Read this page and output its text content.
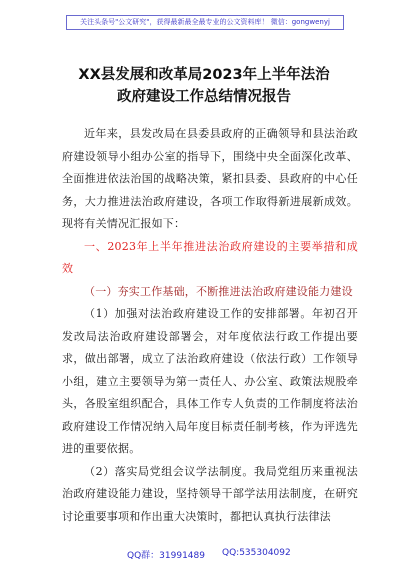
关注头条号"公文研究"，获得最新最全最专业的公文资料库！ 微信：gongwenyj
XX县发展和改革局2023年上半年法治
政府建设工作总结情况报告

近年来，县发改局在县委县政府的正确领导和县法治政府建设领导小组办公室的指导下，围绕中央全面深化改革、全面推进依法治国的战略决策，紧扣县委、县政府的中心任务，大力推进法治政府建设，各项工作取得新进展新成效。现将有关情况汇报如下：

一、2023年上半年推进法治政府建设的主要举措和成效

（一）夯实工作基础，不断推进法治政府建设能力建设

（1）加强对法治政府建设工作的安排部署。年初召开发改局法治政府建设部署会，对年度依法行政工作提出要求，做出部署，成立了法治政府建设（依法行政）工作领导小组，建立主要领导为第一责任人、办公室、政策法规股牵头，各股室组织配合，具体工作专人负责的工作制度将法治政府建设工作情况纳入局年度目标责任制考核，作为评选先进的重要依据。

（2）落实局党组会议学法制度。我局党组历来重视法治政府建设能力建设，坚持领导干部学法用法制度，在研究讨论重要事项和作出重大决策时，都把认真执行法律法

QQ群：31991489 QQ:535304092
